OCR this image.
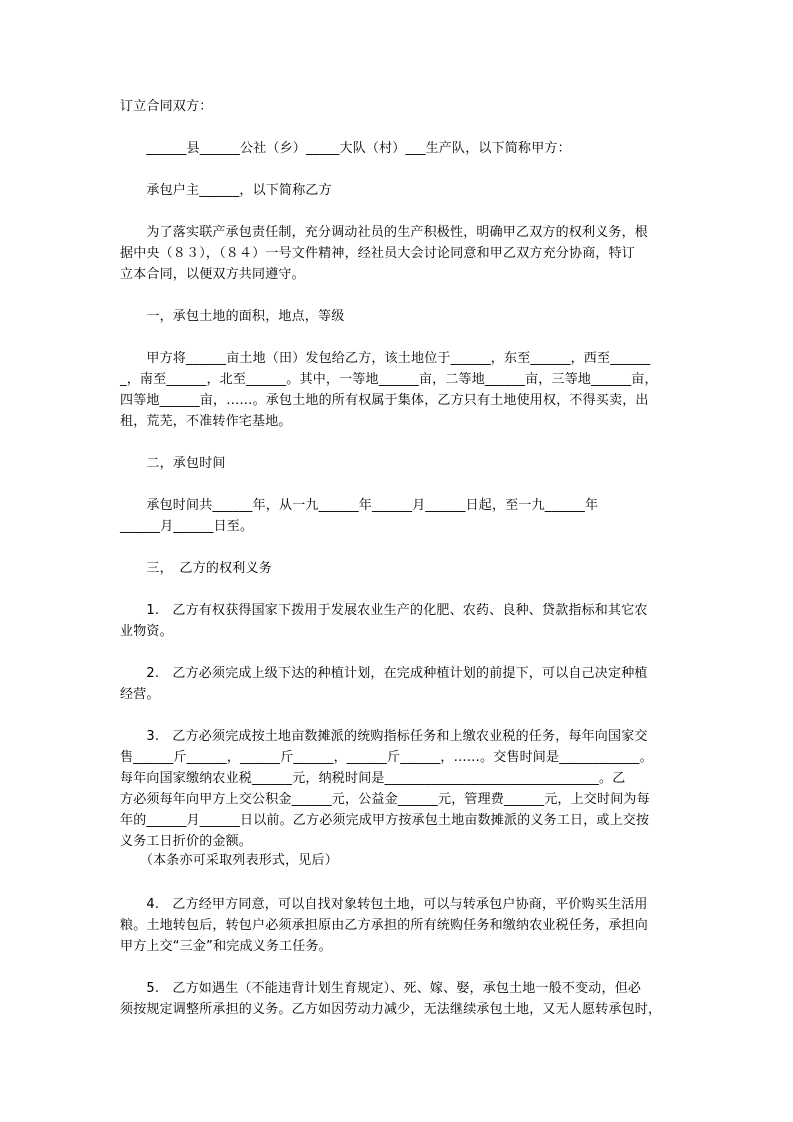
订立合同双方：
　　______县______公社（乡）_____大队（村）___生产队，以下简称甲方：
　　承包户主______，以下简称乙方
　　为了落实联产承包责任制，充分调动社员的生产积极性，明确甲乙双方的权利义务，根
据中央（８３），（８４）一号文件精神，经社员大会讨论同意和甲乙双方充分协商，特订
立本合同，以便双方共同遵守。
　　一，承包土地的面积，地点，等级
　　甲方将______亩土地（田）发包给乙方，该土地位于______，东至______，西至______
_，南至______，北至______。其中，一等地______亩，二等地______亩，三等地______亩，
四等地______亩，……。承包土地的所有权属于集体，乙方只有土地使用权，不得买卖，出
租，荒芜，不准转作宅基地。
　　二，承包时间
　　承包时间共______年，从一九______年______月______日起，至一九______年
______月______日至。
　　三，　乙方的权利义务
　　1.　乙方有权获得国家下拨用于发展农业生产的化肥、农药、良种、贷款指标和其它农
业物资。
　　2.　乙方必须完成上级下达的种植计划，在完成种植计划的前提下，可以自己决定种植
经营。
　　3.　乙方必须完成按土地亩数摊派的统购指标任务和上缴农业税的任务，每年向国家交
售______斤______，______斤______，______斤______，……。交售时间是____________。
每年向国家缴纳农业税______元，纳税时间是________________________________。乙
方必须每年向甲方上交公积金______元，公益金______元，管理费______元，上交时间为每
年的______月______日以前。乙方必须完成甲方按承包土地亩数摊派的义务工日，或上交按
义务工日折价的金额。
　　（本条亦可采取列表形式，见后）
　　4.　乙方经甲方同意，可以自找对象转包土地，可以与转承包户协商，平价购买生活用
粮。土地转包后，转包户必须承担原由乙方承担的所有统购任务和缴纳农业税任务，承担向
甲方上交“三金”和完成义务工任务。
　　5.　乙方如遇生（不能违背计划生育规定）、死、嫁、娶，承包土地一般不变动，但必
须按规定调整所承担的义务。乙方如因劳动力减少，无法继续承包土地，又无人愿转承包时，
